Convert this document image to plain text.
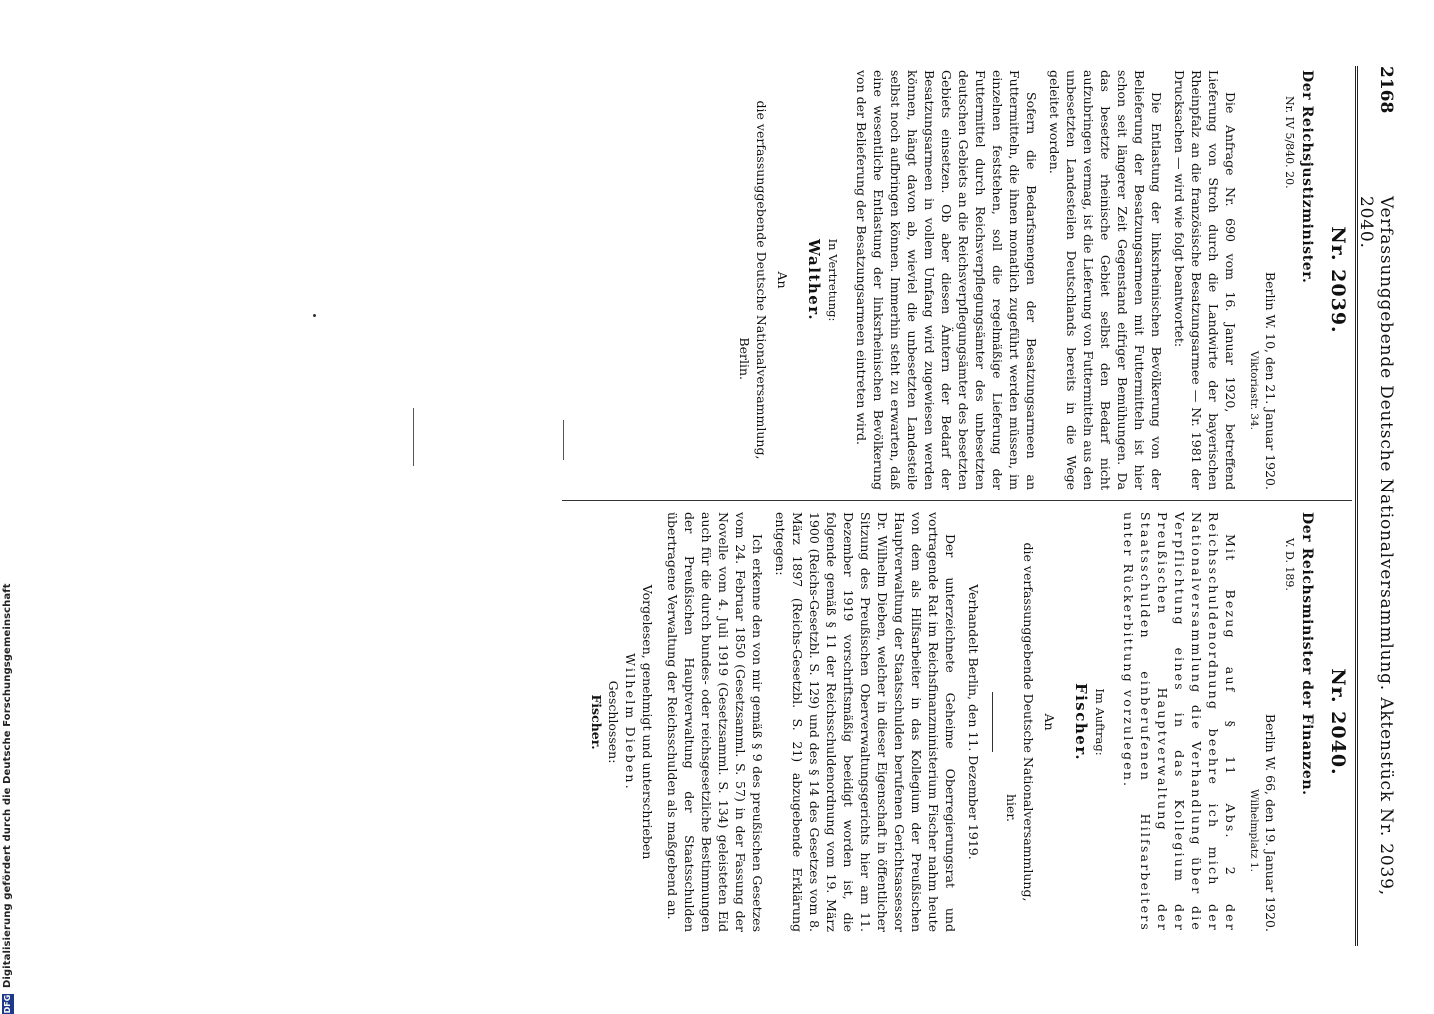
2168
Verfassunggebende Deutsche Nationalversammlung. Aktenstück Nr. 2039, 2040.
Nr. 2039.
Der Reichsjustizminister.
Nr. IV 5/840. 20.
Berlin W. 10, den 21. Januar 1920.
Viktoriastr. 34.

Die Anfrage Nr. 690 vom 16. Januar 1920, betreffend Lieferung von Stroh durch die Landwirte der bayerischen Rheinpfalz an die französische Besatzungsarmee — Nr. 1981 der Drucksachen — wird wie folgt beantwortet:

Die Entlastung der linksrheinischen Bevölkerung von der Belieferung der Besatzungsarmeen mit Futtermitteln ist hier schon seit längerer Zeit Gegenstand eifriger Bemühungen. Da das besetzte rheinische Gebiet selbst den Bedarf nicht aufzubringen vermag, ist die Lieferung von Futtermitteln aus den unbesetzten Landesteilen Deutschlands bereits in die Wege geleitet worden.

Sofern die Bedarfsmengen der Besatzungsarmeen an Futtermitteln, die ihnen monatlich zugeführt werden müssen, im einzelnen feststehen, soll die regelmäßige Lieferung der Futtermittel durch Reichsverpflegungsämter des unbesetzten deutschen Gebiets an die Reichsverpflegungsämter des besetzten Gebiets einsetzen. Ob aber diesen Ämtern der Bedarf der Besatzungsarmeen in vollem Umfang wird zugewiesen werden können, hängt davon ab, wieviel die unbesetzten Landesteile selbst noch aufbringen können. Immerhin steht zu erwarten, daß eine wesentliche Entlastung der linksrheinischen Bevölkerung von der Belieferung der Besatzungsarmeen eintreten wird.

In Vertretung:
Walther.
An
die verfassunggebende Deutsche Nationalversammlung,
Berlin.
Nr. 2040.
Der Reichsminister der Finanzen.
V. D. 189.
Berlin W. 66, den 19. Januar 1920.
Wilhelmplatz 1.

Mit Bezug auf § 11 Abs. 2 der Reichsschuldenordnung beehre ich mich der Nationalversammlung die Verhandlung über die Verpflichtung eines in das Kollegium der Preußischen Hauptverwaltung der Staatsschulden einberufenen Hilfsarbeiters unter Rückerbittung vorzulegen.

Im Auftrag:
Fischer.
An
die verfassunggebende Deutsche Nationalversammlung,
hier.
Verhandelt Berlin, den 11. Dezember 1919.

Der unterzeichnete Geheime Oberregierungsrat und vortragende Rat im Reichsfinanzministerium Fischer nahm heute von dem als Hilfsarbeiter in das Kollegium der Preußischen Hauptverwaltung der Staatsschulden berufenen Gerichtsassessor Dr. Wilhelm Dieben, welcher in dieser Eigenschaft in öffentlicher Sitzung des Preußischen Oberverwaltungsgerichts hier am 11. Dezember 1919 vorschriftsmäßig beeidigt worden ist, die folgende gemäß § 11 der Reichsschuldenordnung vom 19. März 1900 (Reichs-Gesetzbl. S. 129) und des § 14 des Gesetzes vom 8. März 1897 (Reichs-Gesetzbl. S. 21) abzugebende Erklärung entgegen:

Ich erkenne den von mir gemäß § 9 des preußischen Gesetzes vom 24. Februar 1850 (Gesetzsamml. S. 57) in der Fassung der Novelle vom 4. Juli 1919 (Gesetzsamml. S. 134) geleisteten Eid auch für die durch bundes- oder reichsgesetzliche Bestimmungen der Preußischen Hauptverwaltung der Staatsschulden übertragene Verwaltung der Reichsschulden als maßgebend an.

Vorgelesen, genehmigt und unterschrieben
Wilhelm Dieben.
Geschlossen:
Fischer.
DFG
Digitalisierung gefördert durch die Deutsche Forschungsgemeinschaft
